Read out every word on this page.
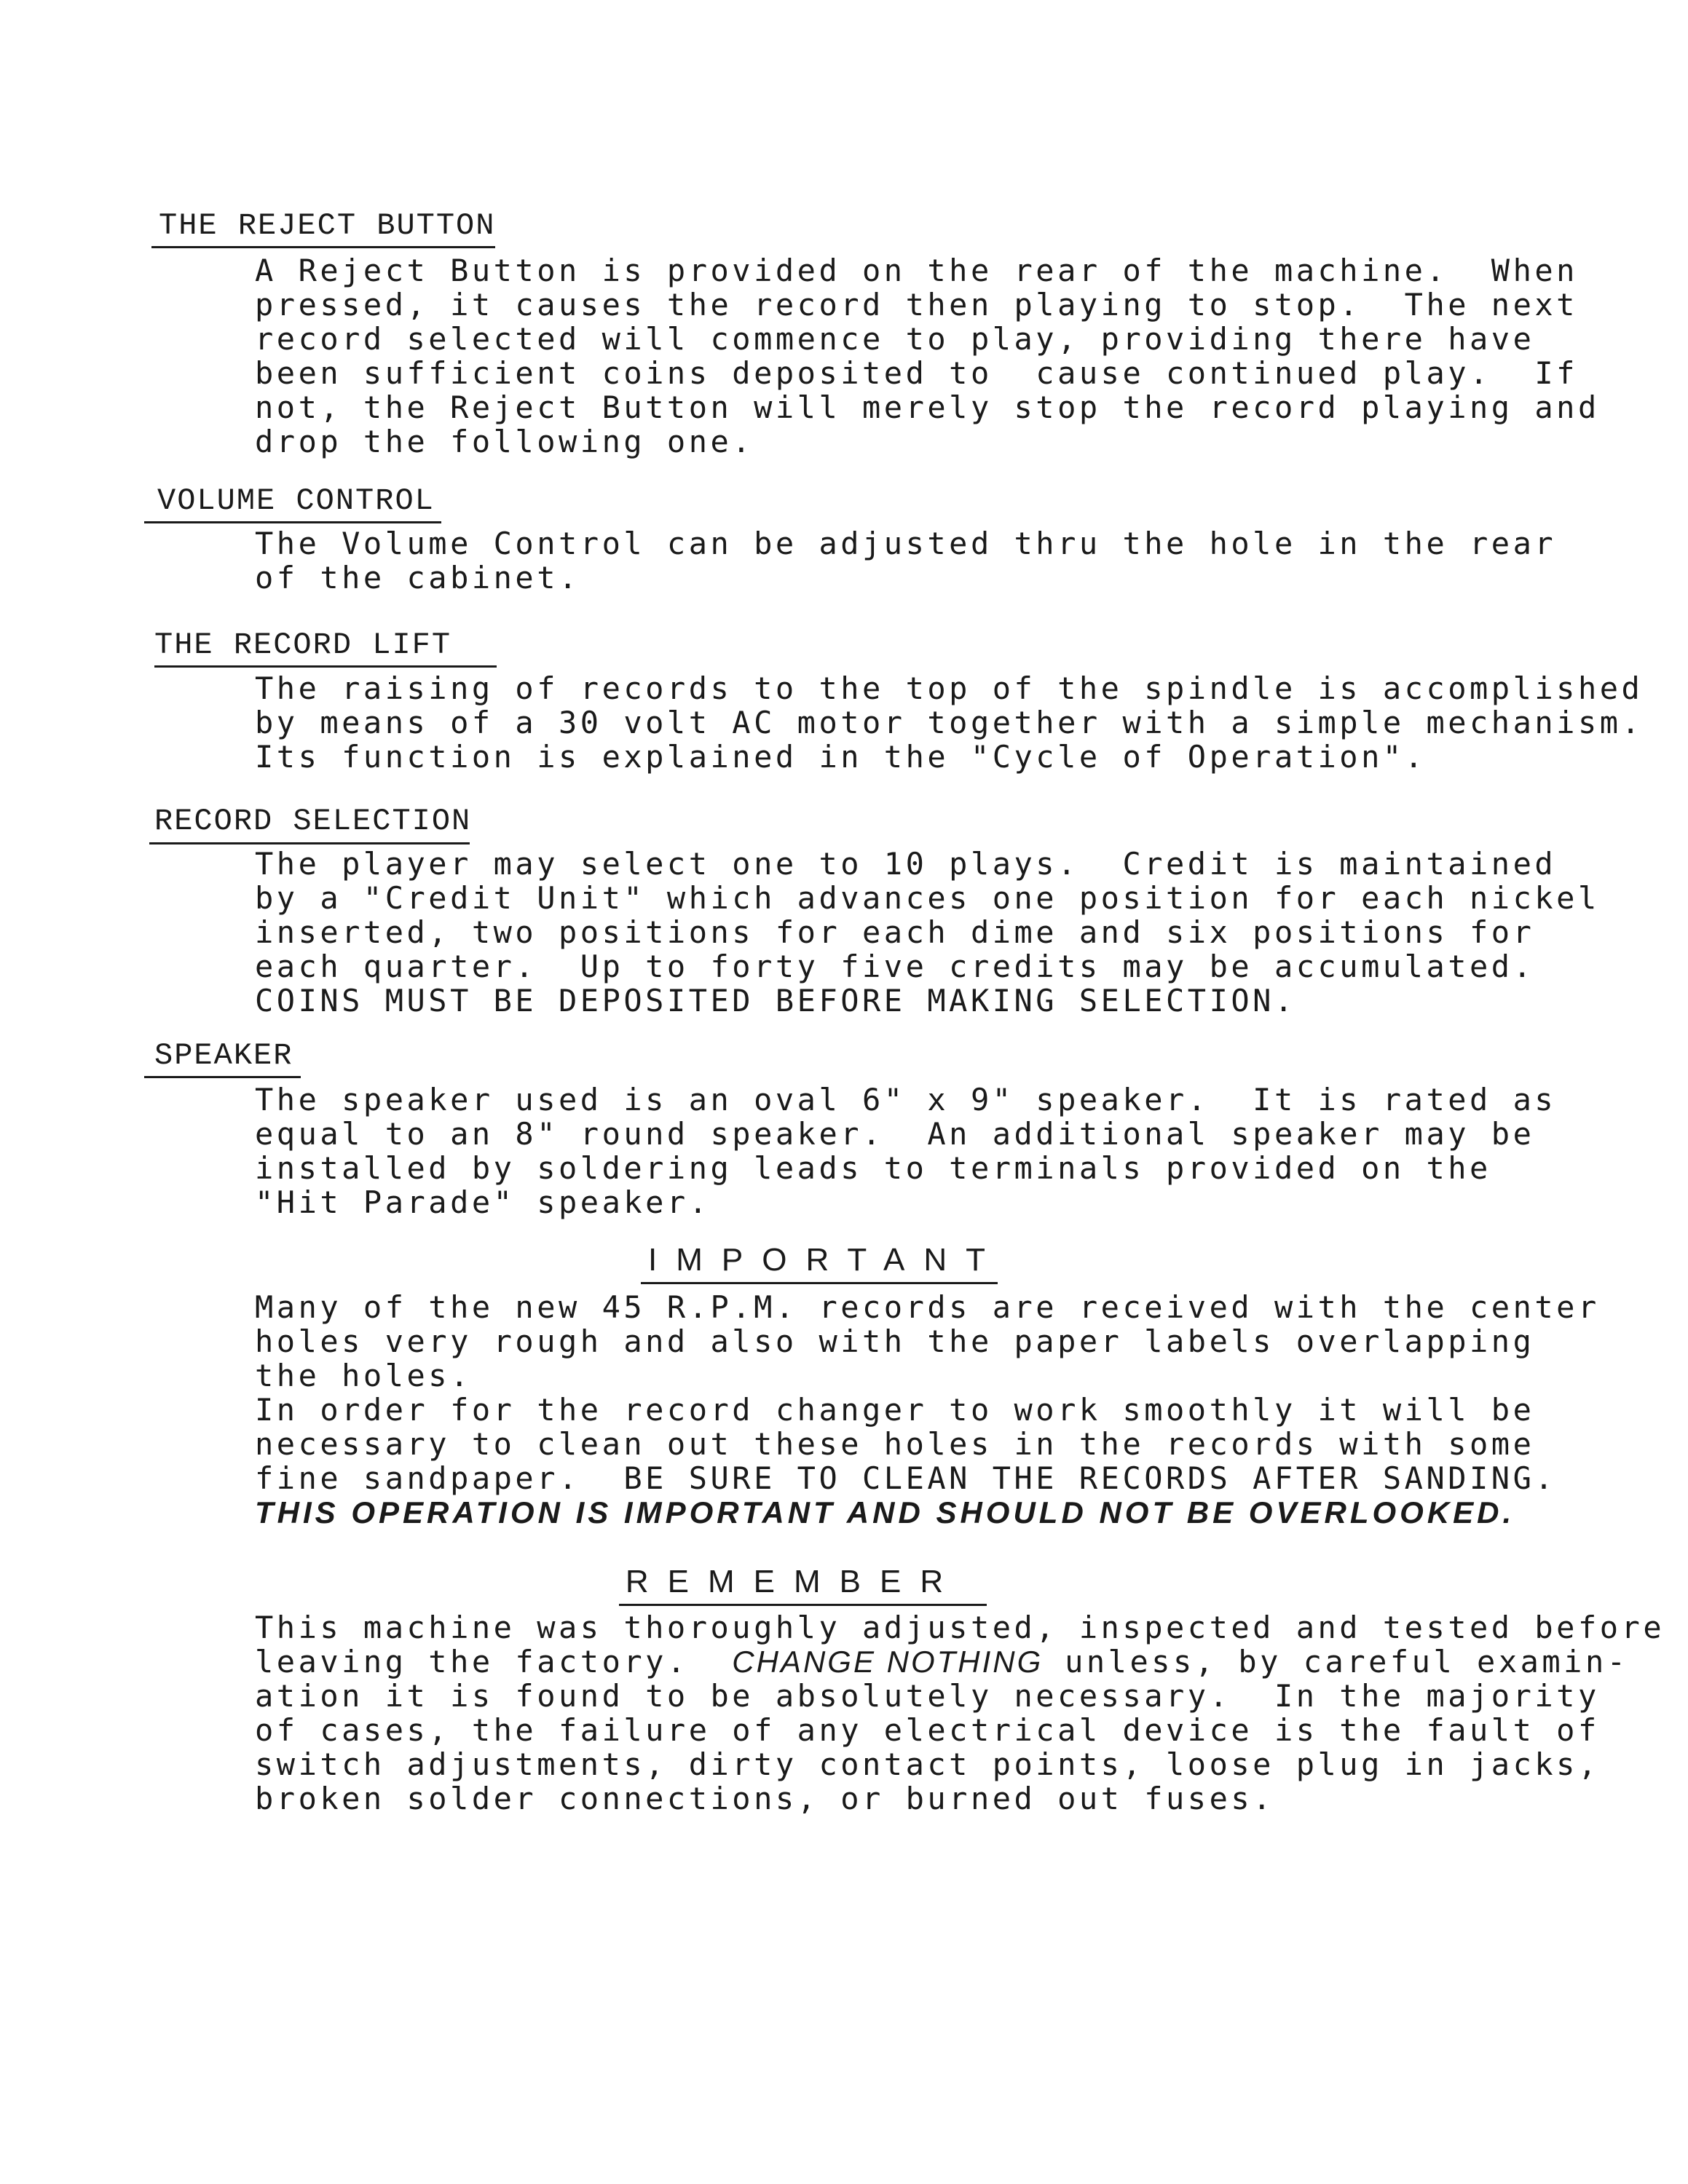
THE REJECT BUTTON
A Reject Button is provided on the rear of the machine.  When
pressed, it causes the record then playing to stop.  The next
record selected will commence to play, providing there have
been sufficient coins deposited to  cause continued play.  If
not, the Reject Button will merely stop the record playing and
drop the following one.
VOLUME CONTROL
The Volume Control can be adjusted thru the hole in the rear
of the cabinet.
THE RECORD LIFT
The raising of records to the top of the spindle is accomplished
by means of a 30 volt AC motor together with a simple mechanism.
Its function is explained in the "Cycle of Operation".
RECORD SELECTION
The player may select one to 10 plays.  Credit is maintained
by a "Credit Unit" which advances one position for each nickel
inserted, two positions for each dime and six positions for
each quarter.  Up to forty five credits may be accumulated.
COINS MUST BE DEPOSITED BEFORE MAKING SELECTION.
SPEAKER
The speaker used is an oval 6" x 9" speaker.  It is rated as
equal to an 8" round speaker.  An additional speaker may be
installed by soldering leads to terminals provided on the
"Hit Parade" speaker.
IMPORTANT
Many of the new 45 R.P.M. records are received with the center
holes very rough and also with the paper labels overlapping
the holes.
In order for the record changer to work smoothly it will be
necessary to clean out these holes in the records with some
fine sandpaper.  BE SURE TO CLEAN THE RECORDS AFTER SANDING.
THIS OPERATION IS IMPORTANT AND SHOULD NOT BE OVERLOOKED.
REMEMBER
This machine was thoroughly adjusted, inspected and tested before
leaving the factory.  CHANGE NOTHING unless, by careful examin-
ation it is found to be absolutely necessary.  In the majority
of cases, the failure of any electrical device is the fault of
switch adjustments, dirty contact points, loose plug in jacks,
broken solder connections, or burned out fuses.
